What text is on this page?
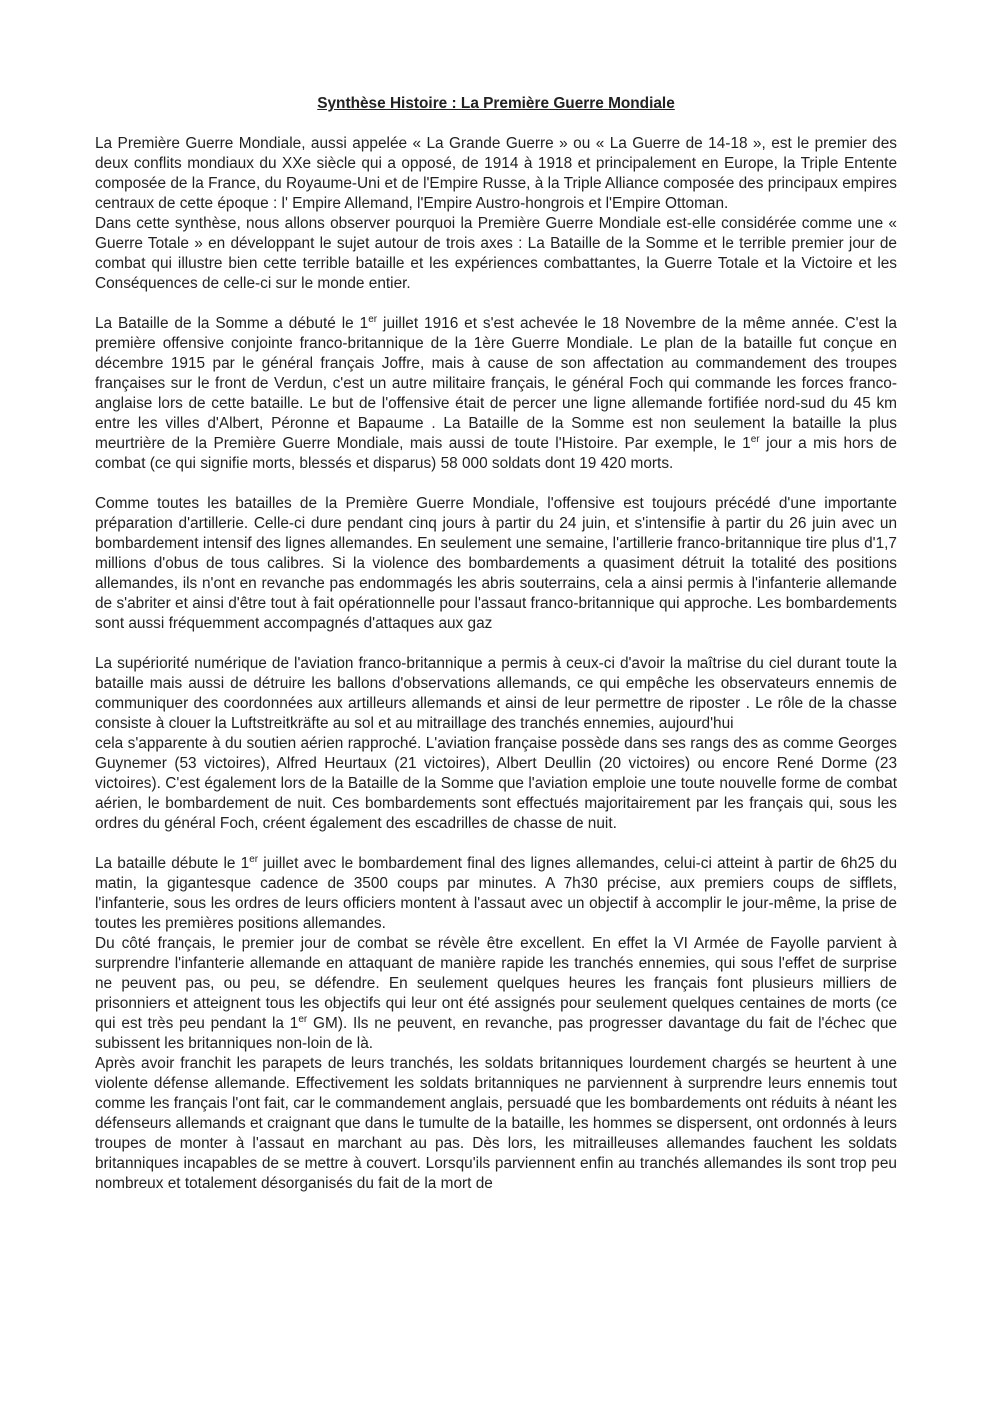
Synthèse Histoire : La Première Guerre Mondiale

La Première Guerre Mondiale, aussi appelée « La Grande Guerre » ou « La Guerre de 14-18 », est le premier des deux conflits mondiaux du XXe siècle qui a opposé, de 1914 à 1918 et principalement en Europe, la Triple Entente composée de la France, du Royaume-Uni et de l'Empire Russe, à la Triple Alliance composée des principaux empires centraux de cette époque : l' Empire Allemand, l'Empire Austro-hongrois et l'Empire Ottoman.

Dans cette synthèse, nous allons observer pourquoi la Première Guerre Mondiale est-elle considérée comme une « Guerre Totale » en développant le sujet autour de trois axes : La Bataille de la Somme et le terrible premier jour de combat qui illustre bien cette terrible bataille et les expériences combattantes, la Guerre Totale et la Victoire et les Conséquences de celle-ci sur le monde entier.

La Bataille de la Somme a débuté le 1er juillet 1916 et s'est achevée le 18 Novembre de la même année. C'est la première offensive conjointe franco-britannique de la 1ère Guerre Mondiale. Le plan de la bataille fut conçue en décembre 1915 par le général français Joffre, mais à cause de son affectation au commandement des troupes françaises sur le front de Verdun, c'est un autre militaire français, le général Foch qui commande les forces franco-anglaise lors de cette bataille. Le but de l'offensive était de percer une ligne allemande fortifiée nord-sud du 45 km entre les villes d'Albert, Péronne et Bapaume . La Bataille de la Somme est non seulement la bataille la plus meurtrière de la Première Guerre Mondiale, mais aussi de toute l'Histoire. Par exemple, le 1er jour a mis hors de combat (ce qui signifie morts, blessés et disparus) 58 000 soldats dont 19 420 morts.

Comme toutes les batailles de la Première Guerre Mondiale, l'offensive est toujours précédé d'une importante préparation d'artillerie. Celle-ci dure pendant cinq jours à partir du 24 juin, et s'intensifie à partir du 26 juin avec un bombardement intensif des lignes allemandes. En seulement une semaine, l'artillerie franco-britannique tire plus d'1,7 millions d'obus de tous calibres. Si la violence des bombardements a quasiment détruit la totalité des positions allemandes, ils n'ont en revanche pas endommagés les abris souterrains, cela a ainsi permis à l'infanterie allemande de s'abriter et ainsi d'être tout à fait opérationnelle pour l'assaut franco-britannique qui approche. Les bombardements sont aussi fréquemment accompagnés d'attaques aux gaz

La supériorité numérique de l'aviation franco-britannique a permis à ceux-ci d'avoir la maîtrise du ciel durant toute la bataille mais aussi de détruire les ballons d'observations allemands, ce qui empêche les observateurs ennemis de communiquer des coordonnées aux artilleurs allemands et ainsi de leur permettre de riposter . Le rôle de la chasse consiste à clouer la Luftstreitkräfte au sol et au mitraillage des tranchés ennemies, aujourd'hui

cela s'apparente à du soutien aérien rapproché. L'aviation française possède dans ses rangs des as comme Georges Guynemer (53 victoires), Alfred Heurtaux (21 victoires), Albert Deullin (20 victoires) ou encore René Dorme (23 victoires). C'est également lors de la Bataille de la Somme que l'aviation emploie une toute nouvelle forme de combat aérien, le bombardement de nuit. Ces bombardements sont effectués majoritairement par les français qui, sous les ordres du général Foch, créent également des escadrilles de chasse de nuit.

La bataille débute le 1er juillet avec le bombardement final des lignes allemandes, celui-ci atteint à partir de 6h25 du matin, la gigantesque cadence de 3500 coups par minutes. A 7h30 précise, aux premiers coups de sifflets, l'infanterie, sous les ordres de leurs officiers montent à l'assaut avec un objectif à accomplir le jour-même, la prise de toutes les premières positions allemandes.

Du côté français, le premier jour de combat se révèle être excellent. En effet la VI Armée de Fayolle parvient à surprendre l'infanterie allemande en attaquant de manière rapide les tranchés ennemies, qui sous l'effet de surprise ne peuvent pas, ou peu, se défendre. En seulement quelques heures les français font plusieurs milliers de prisonniers et atteignent tous les objectifs qui leur ont été assignés pour seulement quelques centaines de morts (ce qui est très peu pendant la 1er GM). Ils ne peuvent, en revanche, pas progresser davantage du fait de l'échec que subissent les britanniques non-loin de là.

Après avoir franchit les parapets de leurs tranchés, les soldats britanniques lourdement chargés se heurtent à une violente défense allemande. Effectivement les soldats britanniques ne parviennent à surprendre leurs ennemis tout comme les français l'ont fait, car le commandement anglais, persuadé que les bombardements ont réduits à néant les défenseurs allemands et craignant que dans le tumulte de la bataille, les hommes se dispersent, ont ordonnés à leurs troupes de monter à l'assaut en marchant au pas. Dès lors, les mitrailleuses allemandes fauchent les soldats britanniques incapables de se mettre à couvert. Lorsqu'ils parviennent enfin au tranchés allemandes ils sont trop peu nombreux et totalement désorganisés du fait de la mort de
